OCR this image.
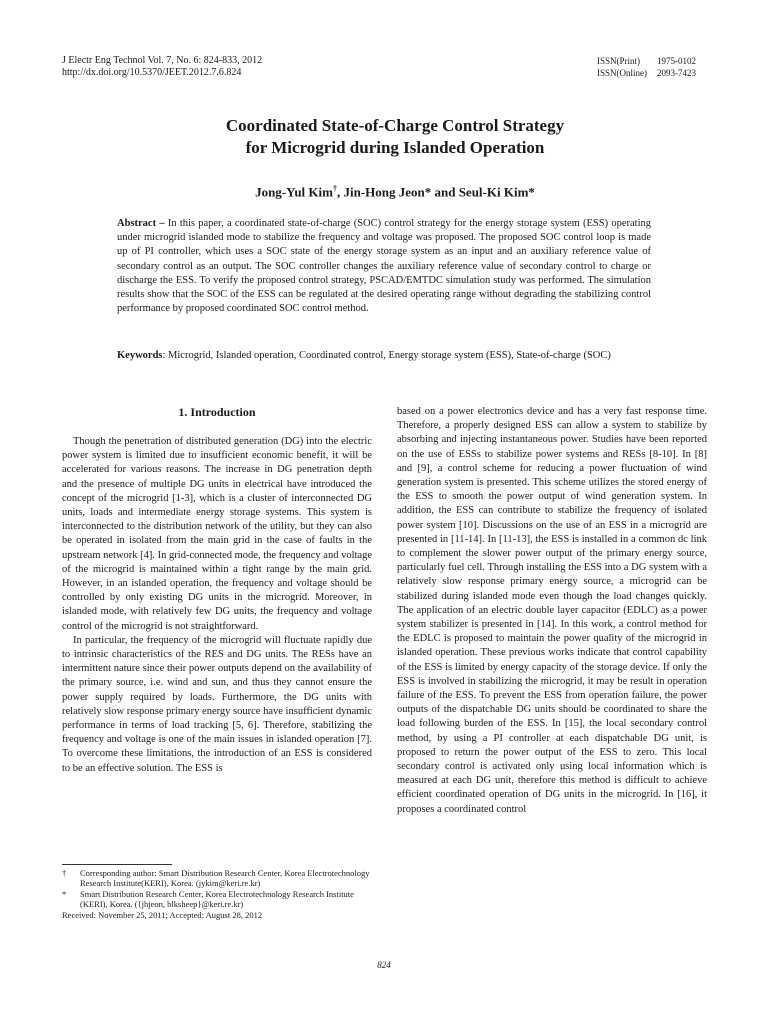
J Electr Eng Technol Vol. 7, No. 6: 824-833, 2012
http://dx.doi.org/10.5370/JEET.2012.7.6.824
ISSN(Print)	1975-0102
ISSN(Online)	2093-7423
Coordinated State-of-Charge Control Strategy
for Microgrid during Islanded Operation
Jong-Yul Kim†, Jin-Hong Jeon* and Seul-Ki Kim*
Abstract – In this paper, a coordinated state-of-charge (SOC) control strategy for the energy storage system (ESS) operating under microgrid islanded mode to stabilize the frequency and voltage was proposed. The proposed SOC control loop is made up of PI controller, which uses a SOC state of the energy storage system as an input and an auxiliary reference value of secondary control as an output. The SOC controller changes the auxiliary reference value of secondary control to charge or discharge the ESS. To verify the proposed control strategy, PSCAD/EMTDC simulation study was performed. The simulation results show that the SOC of the ESS can be regulated at the desired operating range without degrading the stabilizing control performance by proposed coordinated SOC control method.
Keywords: Microgrid, Islanded operation, Coordinated control, Energy storage system (ESS), State-of-charge (SOC)
1. Introduction

Though the penetration of distributed generation (DG) into the electric power system is limited due to insufficient economic benefit, it will be accelerated for various reasons. The increase in DG penetration depth and the presence of multiple DG units in electrical have introduced the concept of the microgrid [1-3], which is a cluster of interconnected DG units, loads and intermediate energy storage systems. This system is interconnected to the distribution network of the utility, but they can also be operated in isolated from the main grid in the case of faults in the upstream network [4]. In grid-connected mode, the frequency and voltage of the microgrid is maintained within a tight range by the main grid. However, in an islanded operation, the frequency and voltage should be controlled by only existing DG units in the microgrid. Moreover, in islanded mode, with relatively few DG units, the frequency and voltage control of the microgrid is not straightforward.

In particular, the frequency of the microgrid will fluctuate rapidly due to intrinsic characteristics of the RES and DG units. The RESs have an intermittent nature since their power outputs depend on the availability of the primary source, i.e. wind and sun, and thus they cannot ensure the power supply required by loads. Furthermore, the DG units with relatively slow response primary energy source have insufficient dynamic performance in terms of load tracking [5, 6]. Therefore, stabilizing the frequency and voltage is one of the main issues in islanded operation [7]. To overcome these limitations, the introduction of an ESS is considered to be an effective solution. The ESS is

based on a power electronics device and has a very fast response time. Therefore, a properly designed ESS can allow a system to stabilize by absorbing and injecting instantaneous power. Studies have been reported on the use of ESSs to stabilize power systems and RESs [8-10]. In [8] and [9], a control scheme for reducing a power fluctuation of wind generation system is presented. This scheme utilizes the stored energy of the ESS to smooth the power output of wind generation system. In addition, the ESS can contribute to stabilize the frequency of isolated power system [10]. Discussions on the use of an ESS in a microgrid are presented in [11-14]. In [11-13], the ESS is installed in a common dc link to complement the slower power output of the primary energy source, particularly fuel cell. Through installing the ESS into a DG system with a relatively slow response primary energy source, a microgrid can be stabilized during islanded mode even though the load changes quickly. The application of an electric double layer capacitor (EDLC) as a power system stabilizer is presented in [14]. In this work, a control method for the EDLC is proposed to maintain the power quality of the microgrid in islanded operation. These previous works indicate that control capability of the ESS is limited by energy capacity of the storage device. If only the ESS is involved in stabilizing the microgrid, it may be result in operation failure of the ESS. To prevent the ESS from operation failure, the power outputs of the dispatchable DG units should be coordinated to share the load following burden of the ESS. In [15], the local secondary control method, by using a PI controller at each dispatchable DG unit, is proposed to return the power output of the ESS to zero. This local secondary control is activated only using local information which is measured at each DG unit, therefore this method is difficult to achieve efficient coordinated operation of DG units in the microgrid. In [16], it proposes a coordinated control

†	Corresponding author: Smart Distribution Research Center, Korea Electrotechnology Research Institute(KERI), Korea. (jykim@keri.re.kr)
*	Smart Distribution Research Center, Korea Electrotechnology Research Institute (KERI), Korea. ({jhjeon, blksheep}@keri.re.kr)
Received: November 25, 2011; Accepted: August 28, 2012
824
